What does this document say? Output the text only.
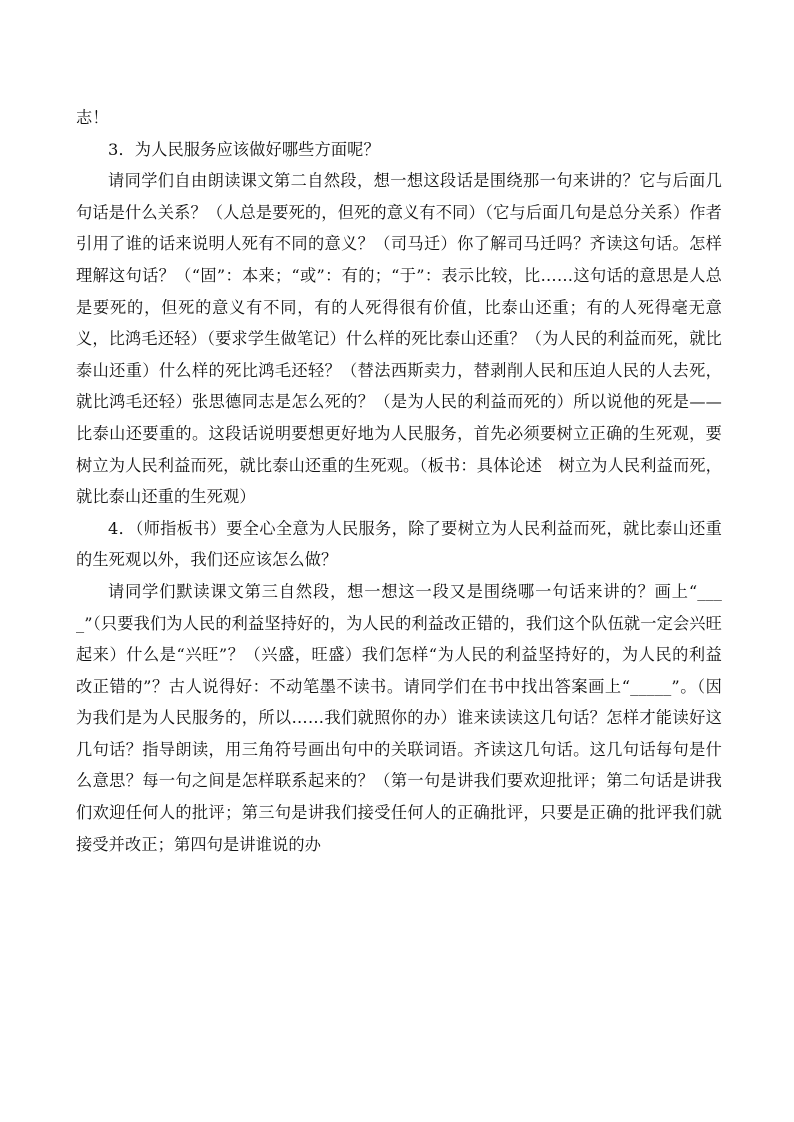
志！

3．为人民服务应该做好哪些方面呢？

请同学们自由朗读课文第二自然段，想一想这段话是围绕那一句来讲的？它与后面几句话是什么关系？（人总是要死的，但死的意义有不同）（它与后面几句是总分关系）作者引用了谁的话来说明人死有不同的意义？（司马迁）你了解司马迁吗？齐读这句话。怎样理解这句话？（“固”：本来；“或”：有的；“于”：表示比较，比……这句话的意思是人总是要死的，但死的意义有不同，有的人死得很有价值，比泰山还重；有的人死得毫无意义，比鸿毛还轻）（要求学生做笔记）什么样的死比泰山还重？（为人民的利益而死，就比泰山还重）什么样的死比鸿毛还轻？（替法西斯卖力，替剥削人民和压迫人民的人去死，就比鸿毛还轻）张思德同志是怎么死的？（是为人民的利益而死的）所以说他的死是——比泰山还要重的。这段话说明要想更好地为人民服务，首先必须要树立正确的生死观，要树立为人民利益而死，就比泰山还重的生死观。（板书：具体论述　树立为人民利益而死，就比泰山还重的生死观）

4．（师指板书）要全心全意为人民服务，除了要树立为人民利益而死，就比泰山还重的生死观以外，我们还应该怎么做？

请同学们默读课文第三自然段，想一想这一段又是围绕哪一句话来讲的？画上“____”（只要我们为人民的利益坚持好的，为人民的利益改正错的，我们这个队伍就一定会兴旺起来）什么是“兴旺”？（兴盛，旺盛）我们怎样“为人民的利益坚持好的，为人民的利益改正错的”？古人说得好：不动笔墨不读书。请同学们在书中找出答案画上“_____”。（因为我们是为人民服务的，所以……我们就照你的办）谁来读读这几句话？怎样才能读好这几句话？指导朗读，用三角符号画出句中的关联词语。齐读这几句话。这几句话每句是什么意思？每一句之间是怎样联系起来的？（第一句是讲我们要欢迎批评；第二句话是讲我们欢迎任何人的批评；第三句是讲我们接受任何人的正确批评，只要是正确的批评我们就接受并改正；第四句是讲谁说的办
